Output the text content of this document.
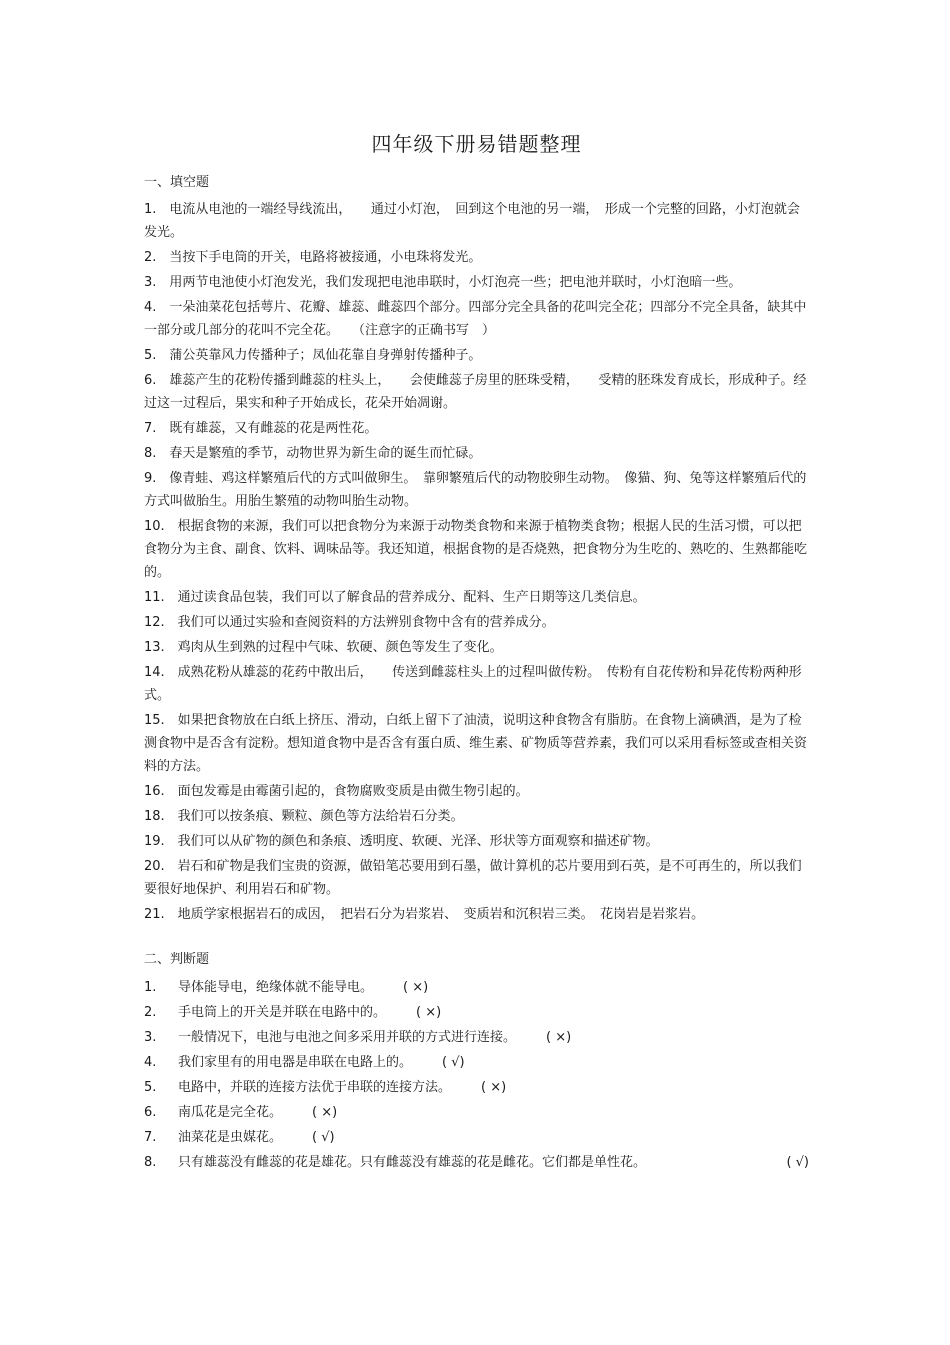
四年级下册易错题整理
一、填空题
1.　电流从电池的一端经导线流出，　　通过小灯泡，　回到这个电池的另一端，　形成一个完整的回路，小灯泡就会发光。
2.　当按下手电筒的开关，电路将被接通，小电珠将发光。
3.　用两节电池使小灯泡发光，我们发现把电池串联时，小灯泡亮一些；把电池并联时，小灯泡暗一些。
4.　一朵油菜花包括萼片、花瓣、雄蕊、雌蕊四个部分。四部分完全具备的花叫完全花；四部分不完全具备，缺其中一部分或几部分的花叫不完全花。　　（注意字的正确书写　）
5.　蒲公英靠风力传播种子；凤仙花靠自身弹射传播种子。
6.　雄蕊产生的花粉传播到雌蕊的柱头上，　　会使雌蕊子房里的胚珠受精，　　受精的胚珠发育成长，形成种子。经过这一过程后，果实和种子开始成长，花朵开始凋谢。
7.　既有雄蕊，又有雌蕊的花是两性花。
8.　春天是繁殖的季节，动物世界为新生命的诞生而忙碌。
9.　像青蛙、鸡这样繁殖后代的方式叫做卵生。　靠卵繁殖后代的动物胶卵生动物。　像猫、狗、兔等这样繁殖后代的方式叫做胎生。用胎生繁殖的动物叫胎生动物。
10.　根据食物的来源，我们可以把食物分为来源于动物类食物和来源于植物类食物；根据人民的生活习惯，可以把食物分为主食、副食、饮料、调味品等。我还知道，根据食物的是否烧熟，把食物分为生吃的、熟吃的、生熟都能吃的。
11.　通过读食品包装，我们可以了解食品的营养成分、配料、生产日期等这几类信息。
12.　我们可以通过实验和查阅资料的方法辨别食物中含有的营养成分。
13.　鸡肉从生到熟的过程中气味、软硬、颜色等发生了变化。
14.　成熟花粉从雄蕊的花药中散出后，　　传送到雌蕊柱头上的过程叫做传粉。　传粉有自花传粉和异花传粉两种形式。
15.　如果把食物放在白纸上挤压、滑动，白纸上留下了油渍，说明这种食物含有脂肪。在食物上滴碘酒，是为了检测食物中是否含有淀粉。想知道食物中是否含有蛋白质、维生素、矿物质等营养素，我们可以采用看标签或查相关资料的方法。
16.　面包发霉是由霉菌引起的，食物腐败变质是由微生物引起的。
18.　我们可以按条痕、颗粒、颜色等方法给岩石分类。
19.　我们可以从矿物的颜色和条痕、透明度、软硬、光泽、形状等方面观察和描述矿物。
20.　岩石和矿物是我们宝贵的资源，做铅笔芯要用到石墨，做计算机的芯片要用到石英，是不可再生的，所以我们要很好地保护、利用岩石和矿物。
21.　地质学家根据岩石的成因，　把岩石分为岩浆岩、　变质岩和沉积岩三类。　花岗岩是岩浆岩。
二、判断题
1.	导体能导电，绝缘体就不能导电。 ( ×)
2.	手电筒上的开关是并联在电路中的。 ( ×)
3.	一般情况下，电池与电池之间多采用并联的方式进行连接。 ( ×)
4.	我们家里有的用电器是串联在电路上的。 ( √)
5.	电路中，并联的连接方法优于串联的连接方法。 ( ×)
6.	南瓜花是完全花。 ( ×)
7.	油菜花是虫媒花。 ( √)
8.	只有雄蕊没有雌蕊的花是雄花。只有雌蕊没有雄蕊的花是雌花。它们都是单性花。	( √)
